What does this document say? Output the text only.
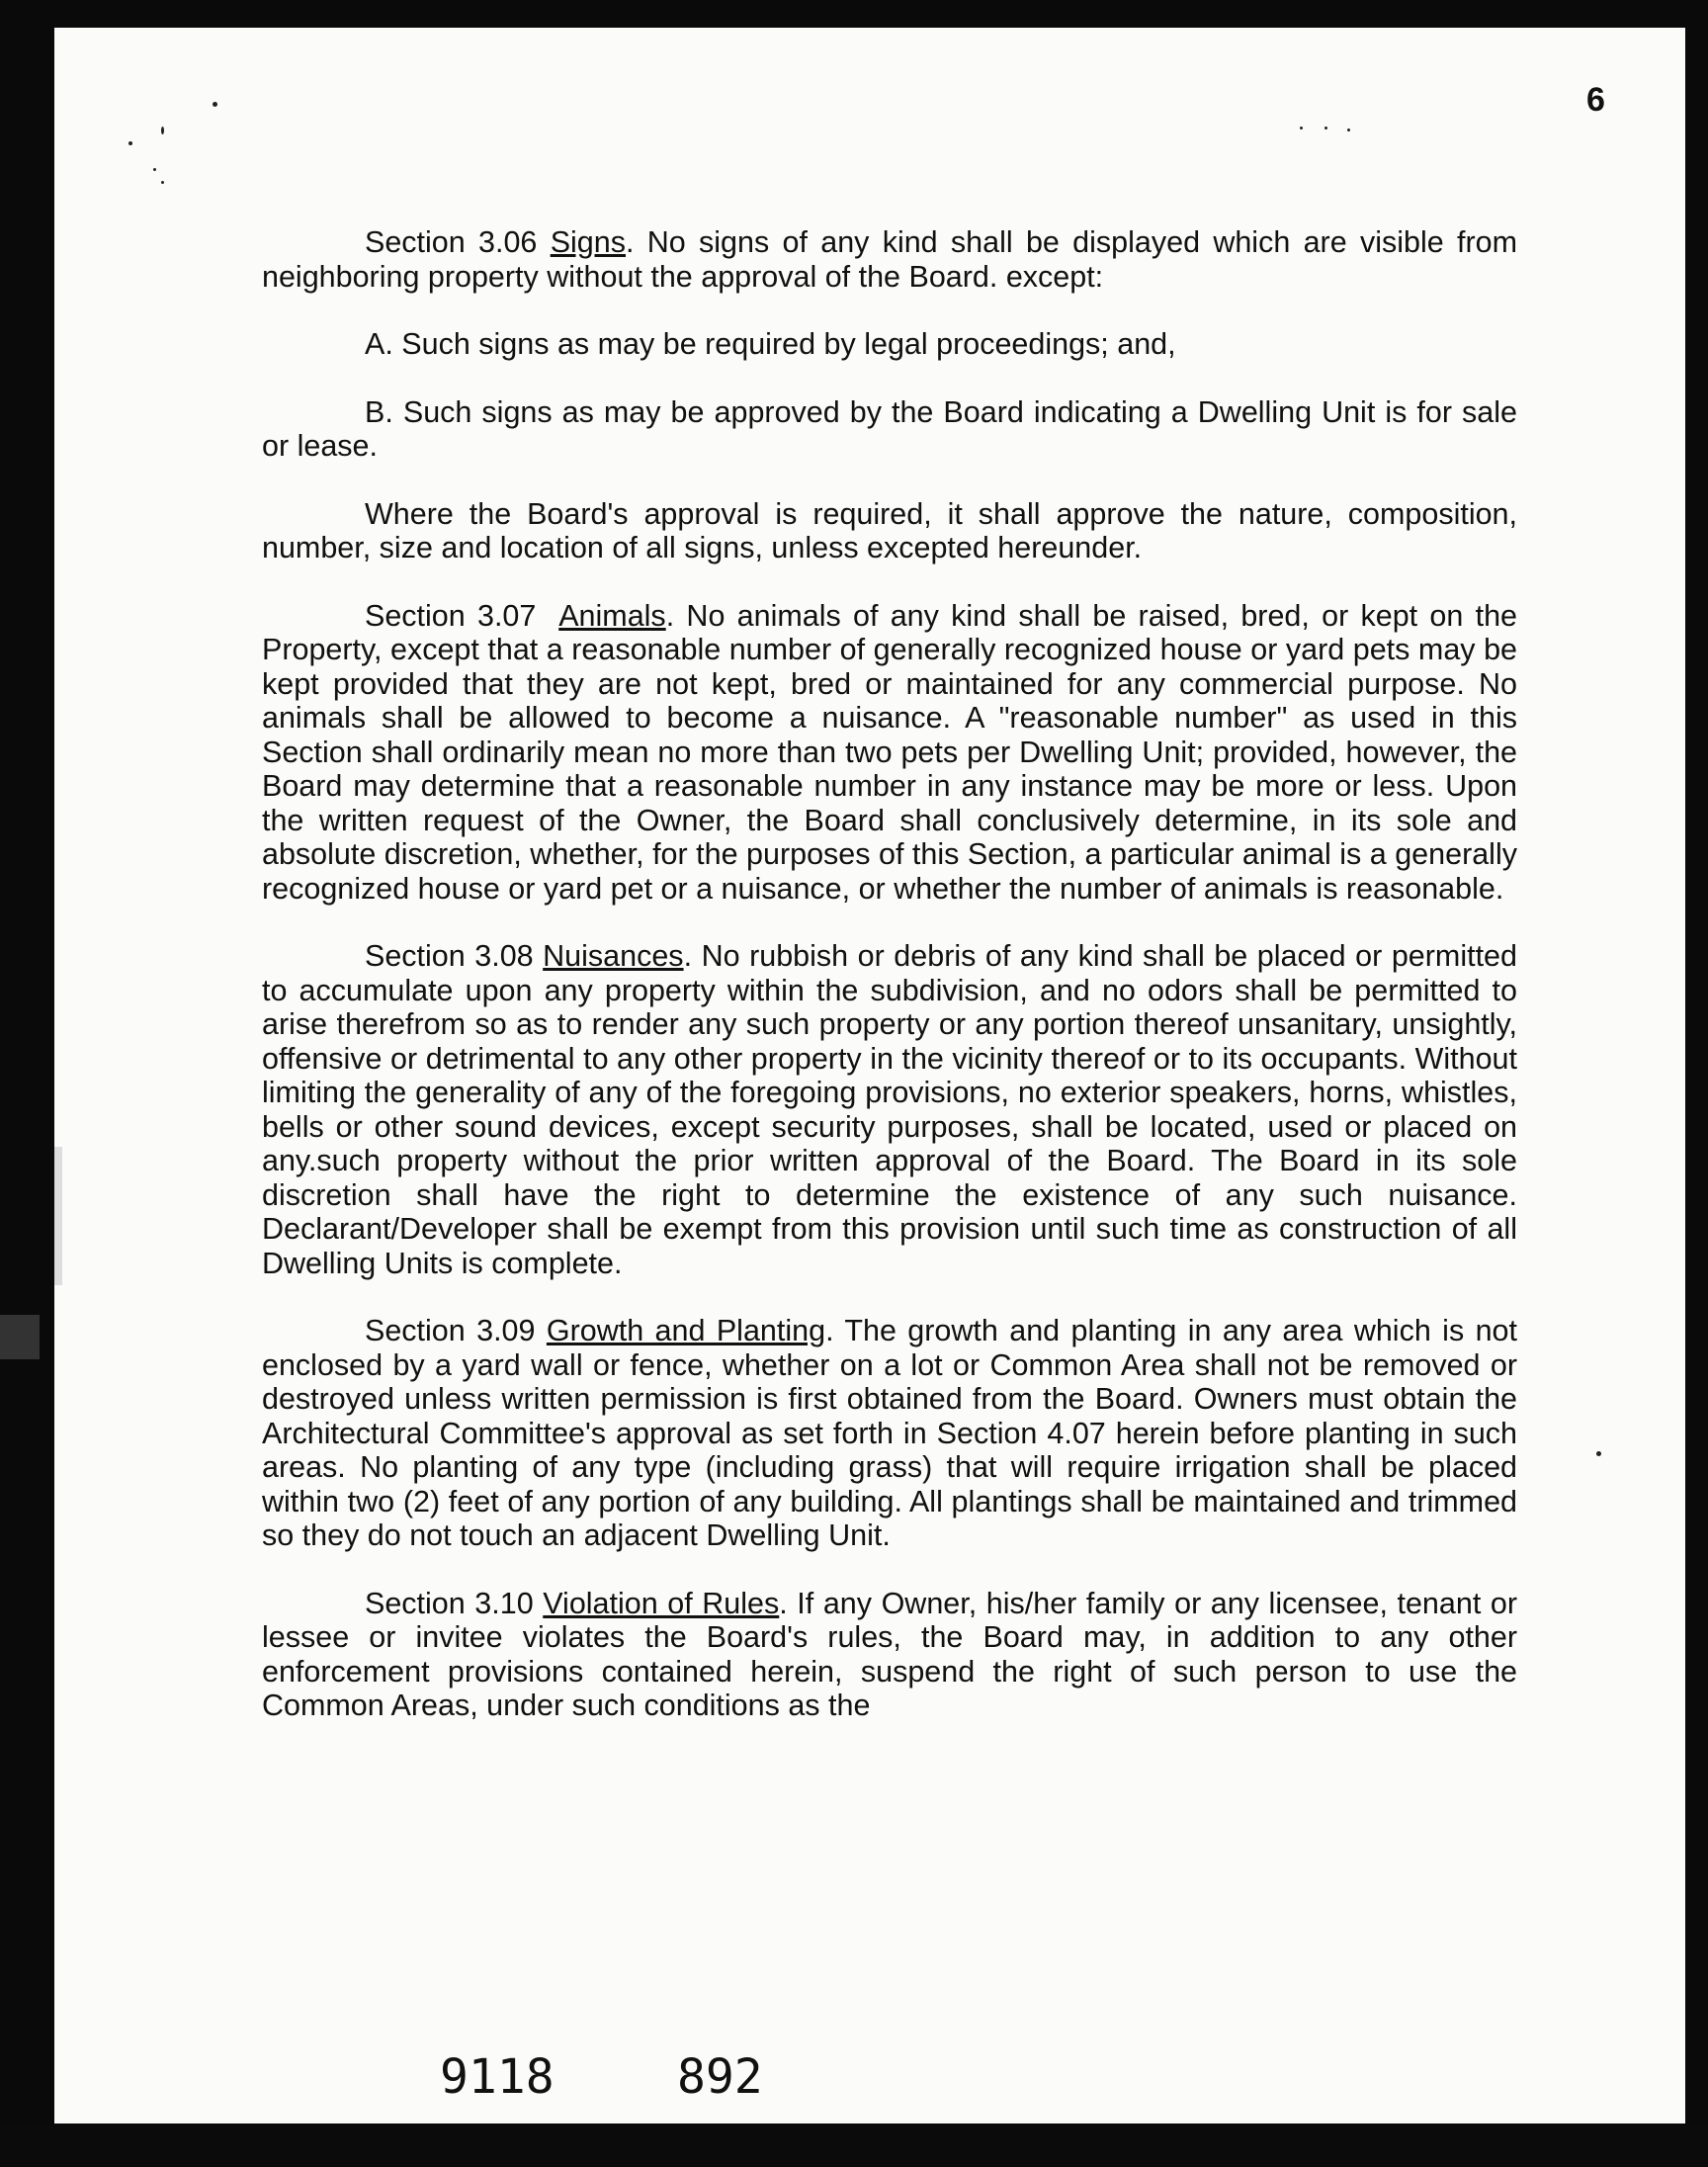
6

Section 3.06 Signs. No signs of any kind shall be displayed which are visible from neighboring property without the approval of the Board. except:

A. Such signs as may be required by legal proceedings; and,

B. Such signs as may be approved by the Board indicating a Dwelling Unit is for sale or lease.

Where the Board's approval is required, it shall approve the nature, composition, number, size and location of all signs, unless excepted hereunder.

Section 3.07 Animals. No animals of any kind shall be raised, bred, or kept on the Property, except that a reasonable number of generally recognized house or yard pets may be kept provided that they are not kept, bred or maintained for any commercial purpose. No animals shall be allowed to become a nuisance. A "reasonable number" as used in this Section shall ordinarily mean no more than two pets per Dwelling Unit; provided, however, the Board may determine that a reasonable number in any instance may be more or less. Upon the written request of the Owner, the Board shall conclusively determine, in its sole and absolute discretion, whether, for the purposes of this Section, a particular animal is a generally recognized house or yard pet or a nuisance, or whether the number of animals is reasonable.

Section 3.08 Nuisances. No rubbish or debris of any kind shall be placed or permitted to accumulate upon any property within the subdivision, and no odors shall be permitted to arise therefrom so as to render any such property or any portion thereof unsanitary, unsightly, offensive or detrimental to any other property in the vicinity thereof or to its occupants. Without limiting the generality of any of the foregoing provisions, no exterior speakers, horns, whistles, bells or other sound devices, except security purposes, shall be located, used or placed on any.such property without the prior written approval of the Board. The Board in its sole discretion shall have the right to determine the existence of any such nuisance. Declarant/Developer shall be exempt from this provision until such time as construction of all Dwelling Units is complete.

Section 3.09 Growth and Planting. The growth and planting in any area which is not enclosed by a yard wall or fence, whether on a lot or Common Area shall not be removed or destroyed unless written permission is first obtained from the Board. Owners must obtain the Architectural Committee's approval as set forth in Section 4.07 herein before planting in such areas. No planting of any type (including grass) that will require irrigation shall be placed within two (2) feet of any portion of any building. All plantings shall be maintained and trimmed so they do not touch an adjacent Dwelling Unit.

Section 3.10 Violation of Rules. If any Owner, his/her family or any licensee, tenant or lessee or invitee violates the Board's rules, the Board may, in addition to any other enforcement provisions contained herein, suspend the right of such person to use the Common Areas, under such conditions as the

9118	892
